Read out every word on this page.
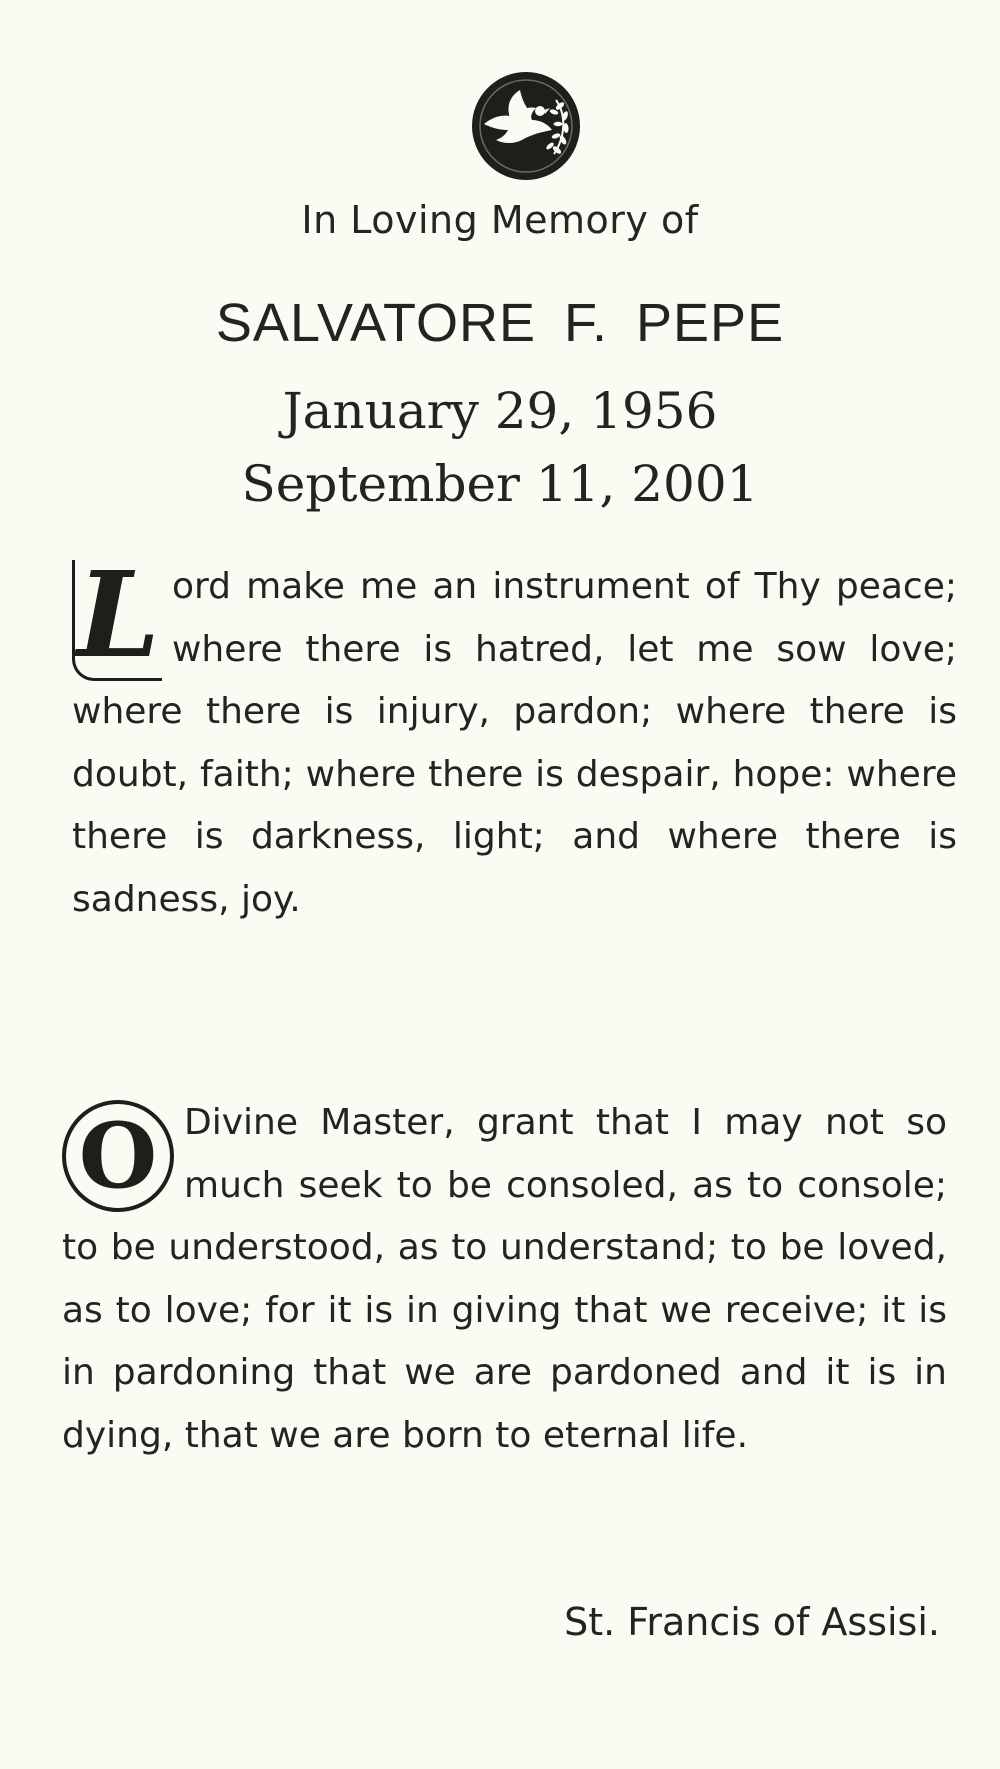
In Loving Memory of
SALVATORE F. PEPE
January 29, 1956
September 11, 2001
L ord make me an instrument of Thy peace; where there is hatred, let me sow love; where there is injury, pardon; where there is doubt, faith; where there is despair, hope: where there is darkness, light; and where there is sadness, joy.
O Divine Master, grant that I may not so much seek to be consoled, as to console; to be understood, as to understand; to be loved, as to love; for it is in giving that we receive; it is in pardoning that we are pardoned and it is in dying, that we are born to eternal life.
St. Francis of Assisi.
